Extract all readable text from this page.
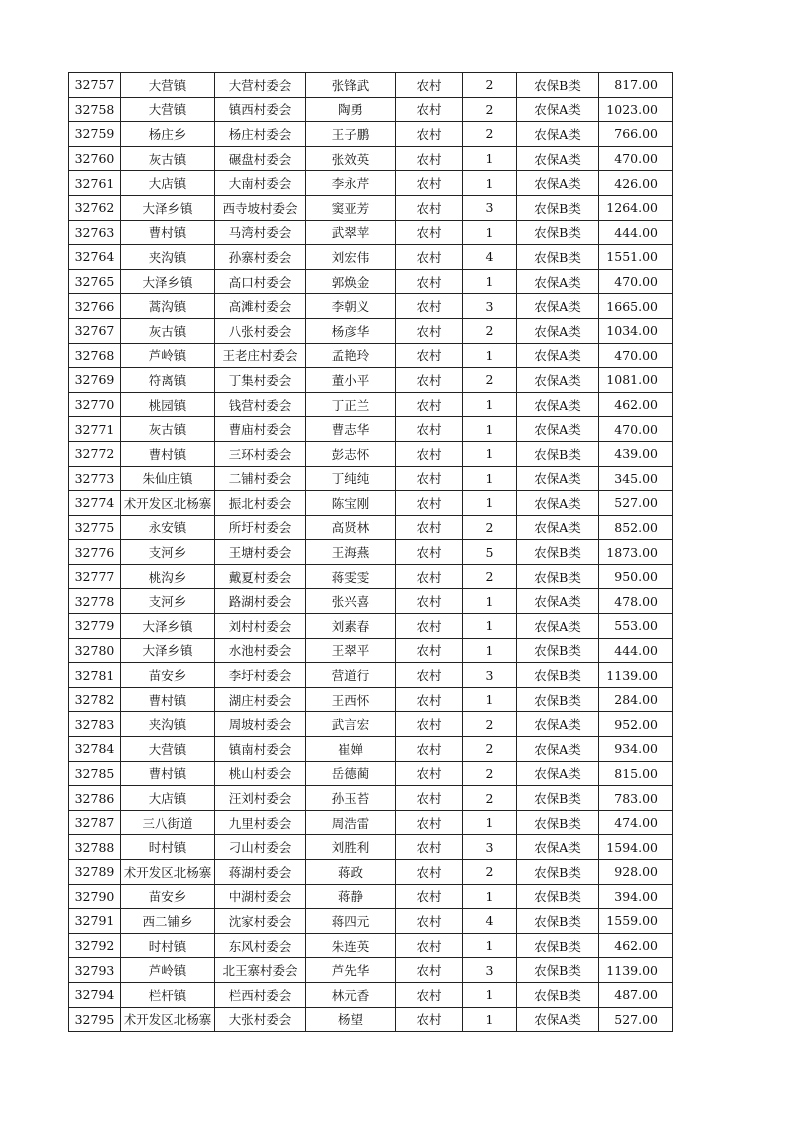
32757	大营镇	大营村委会	张锋武	农村	2	农保B类	817.00
32758	大营镇	镇西村委会	陶勇	农村	2	农保A类	1023.00
32759	杨庄乡	杨庄村委会	王子鹏	农村	2	农保A类	766.00
32760	灰古镇	碾盘村委会	张效英	农村	1	农保A类	470.00
32761	大店镇	大南村委会	李永芹	农村	1	农保A类	426.00
32762	大泽乡镇	西寺坡村委会	窦亚芳	农村	3	农保B类	1264.00
32763	曹村镇	马湾村委会	武翠苹	农村	1	农保B类	444.00
32764	夹沟镇	孙寨村委会	刘宏伟	农村	4	农保B类	1551.00
32765	大泽乡镇	高口村委会	郭焕金	农村	1	农保A类	470.00
32766	蒿沟镇	高滩村委会	李朝义	农村	3	农保A类	1665.00
32767	灰古镇	八张村委会	杨彦华	农村	2	农保A类	1034.00
32768	芦岭镇	王老庄村委会	孟艳玲	农村	1	农保A类	470.00
32769	符离镇	丁集村委会	董小平	农村	2	农保A类	1081.00
32770	桃园镇	钱营村委会	丁正兰	农村	1	农保A类	462.00
32771	灰古镇	曹庙村委会	曹志华	农村	1	农保A类	470.00
32772	曹村镇	三环村委会	彭志怀	农村	1	农保B类	439.00
32773	朱仙庄镇	二铺村委会	丁纯纯	农村	1	农保A类	345.00
32774	术开发区北杨寨	振北村委会	陈宝刚	农村	1	农保A类	527.00
32775	永安镇	所圩村委会	高贤林	农村	2	农保A类	852.00
32776	支河乡	王塘村委会	王海燕	农村	5	农保B类	1873.00
32777	桃沟乡	戴夏村委会	蒋雯雯	农村	2	农保B类	950.00
32778	支河乡	路湖村委会	张兴喜	农村	1	农保A类	478.00
32779	大泽乡镇	刘村村委会	刘素春	农村	1	农保A类	553.00
32780	大泽乡镇	水池村委会	王翠平	农村	1	农保B类	444.00
32781	苗安乡	李圩村委会	营道行	农村	3	农保B类	1139.00
32782	曹村镇	湖庄村委会	王西怀	农村	1	农保B类	284.00
32783	夹沟镇	周坡村委会	武言宏	农村	2	农保A类	952.00
32784	大营镇	镇南村委会	崔婵	农村	2	农保A类	934.00
32785	曹村镇	桃山村委会	岳德蔺	农村	2	农保A类	815.00
32786	大店镇	汪刘村委会	孙玉苔	农村	2	农保B类	783.00
32787	三八街道	九里村委会	周浩雷	农村	1	农保B类	474.00
32788	时村镇	刁山村委会	刘胜利	农村	3	农保A类	1594.00
32789	术开发区北杨寨	蒋湖村委会	蒋政	农村	2	农保B类	928.00
32790	苗安乡	中湖村委会	蒋静	农村	1	农保B类	394.00
32791	西二铺乡	沈家村委会	蒋四元	农村	4	农保B类	1559.00
32792	时村镇	东风村委会	朱连英	农村	1	农保B类	462.00
32793	芦岭镇	北王寨村委会	芦先华	农村	3	农保B类	1139.00
32794	栏杆镇	栏西村委会	林元香	农村	1	农保B类	487.00
32795	术开发区北杨寨	大张村委会	杨望	农村	1	农保A类	527.00
